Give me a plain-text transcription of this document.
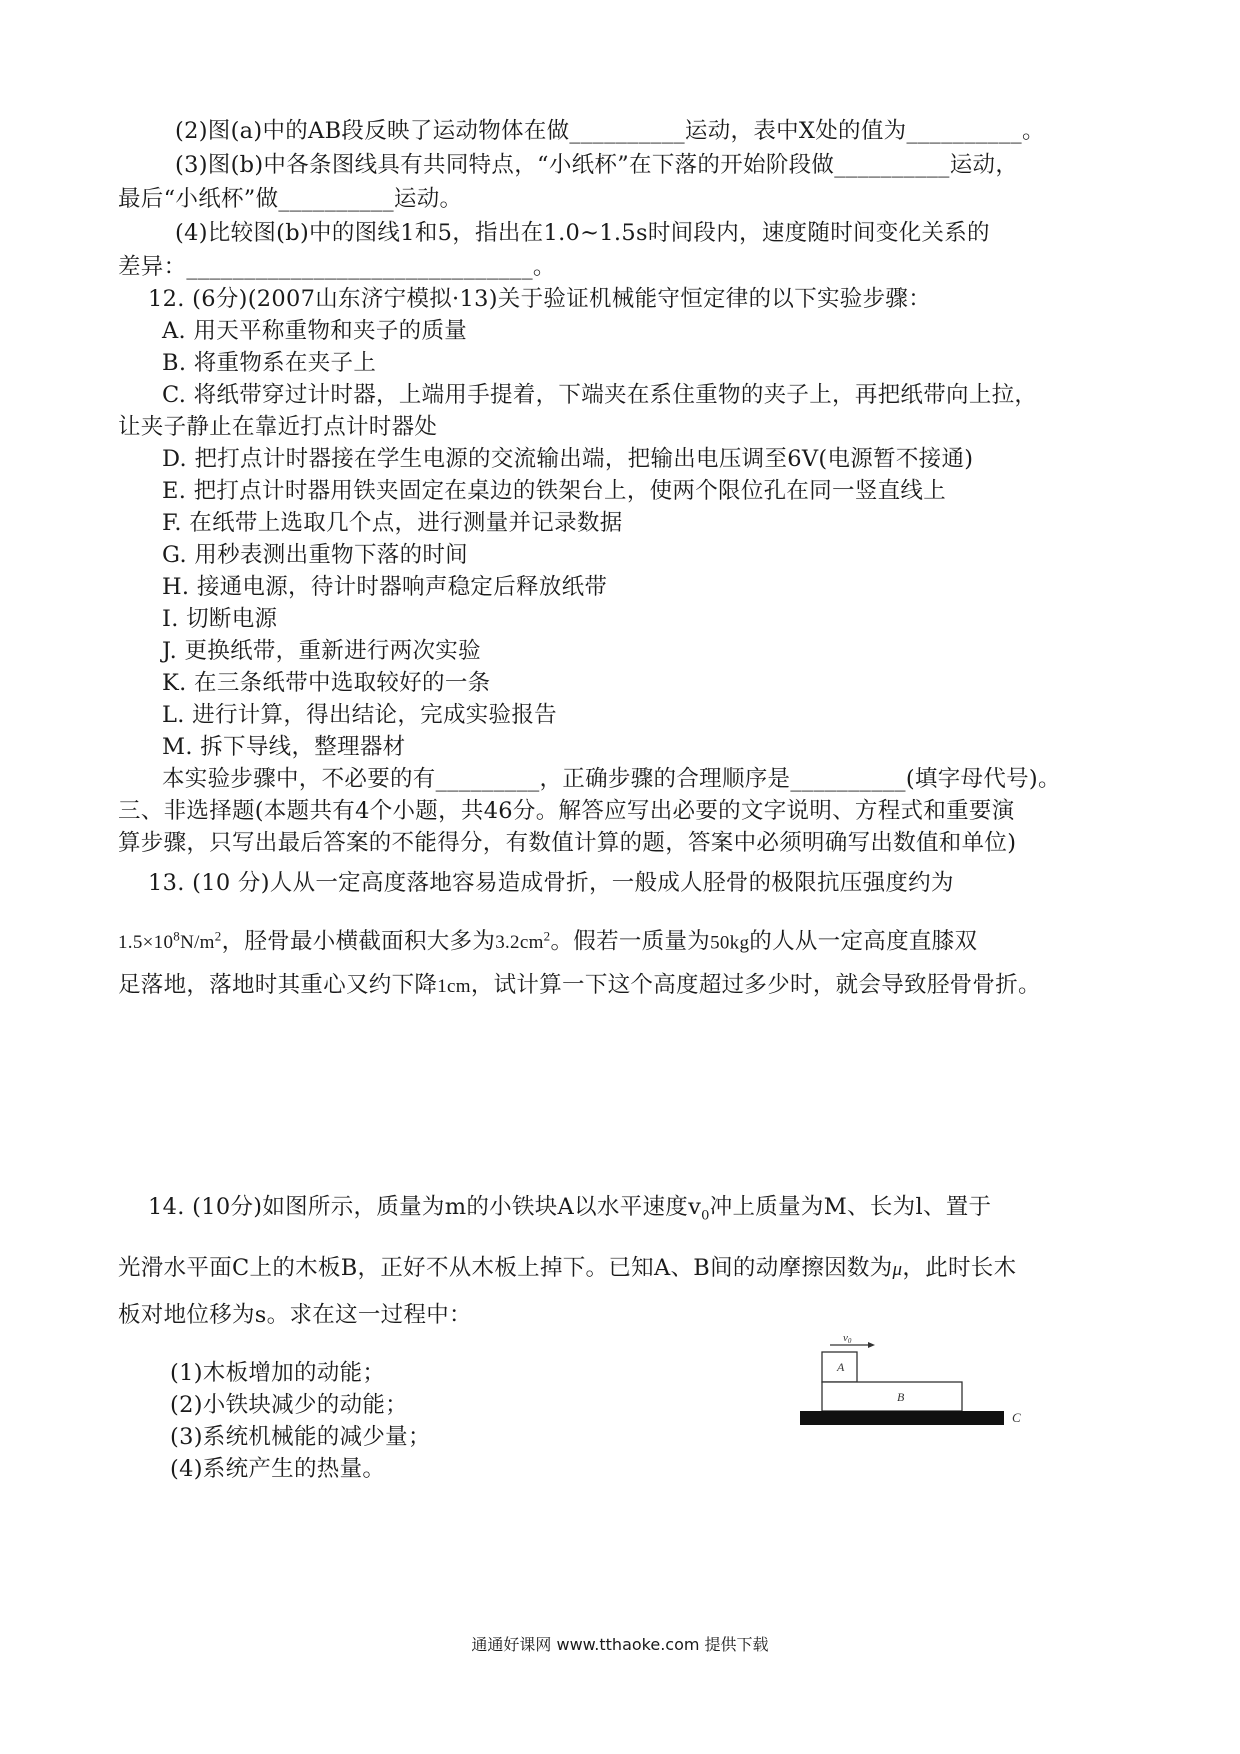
(2)图(a)中的AB段反映了运动物体在做__________运动，表中X处的值为__________。
(3)图(b)中各条图线具有共同特点，“小纸杯”在下落的开始阶段做__________运动，
最后“小纸杯”做__________运动。
(4)比较图(b)中的图线1和5，指出在1.0~1.5s时间段内，速度随时间变化关系的
差异：______________________________。
12. (6分)(2007山东济宁模拟·13)关于验证机械能守恒定律的以下实验步骤：
A. 用天平称重物和夹子的质量
B. 将重物系在夹子上
C. 将纸带穿过计时器，上端用手提着，下端夹在系住重物的夹子上，再把纸带向上拉，
让夹子静止在靠近打点计时器处
D. 把打点计时器接在学生电源的交流输出端，把输出电压调至6V(电源暂不接通)
E. 把打点计时器用铁夹固定在桌边的铁架台上，使两个限位孔在同一竖直线上
F. 在纸带上选取几个点，进行测量并记录数据
G. 用秒表测出重物下落的时间
H. 接通电源，待计时器响声稳定后释放纸带
I. 切断电源
J. 更换纸带，重新进行两次实验
K. 在三条纸带中选取较好的一条
L. 进行计算，得出结论，完成实验报告
M. 拆下导线，整理器材
本实验步骤中，不必要的有_________，正确步骤的合理顺序是__________(填字母代号)。
三、非选择题(本题共有4个小题，共46分。解答应写出必要的文字说明、方程式和重要演
算步骤，只写出最后答案的不能得分，有数值计算的题，答案中必须明确写出数值和单位)
13. (10 分)人从一定高度落地容易造成骨折，一般成人胫骨的极限抗压强度约为
$1.5\times 10^8N/m^2$，胫骨最小横截面积大多为$3.2cm^2$。假若一质量为50kg的人从一定高度直膝双
足落地，落地时其重心又约下降1cm，试计算一下这个高度超过多少时，就会导致胫骨骨折。
14. (10分)如图所示，质量为m的小铁块A以水平速度$v_0$冲上质量为M、长为l、置于
光滑水平面C上的木板B，正好不从木板上掉下。已知A、B间的动摩擦因数为μ，此时长木
板对地位移为s。求在这一过程中：
(1)木板增加的动能；
(2)小铁块减少的动能；
(3)系统机械能的减少量；
(4)系统产生的热量。
v0
A
B
C
通通好课网 www.tthaoke.com 提供下载
